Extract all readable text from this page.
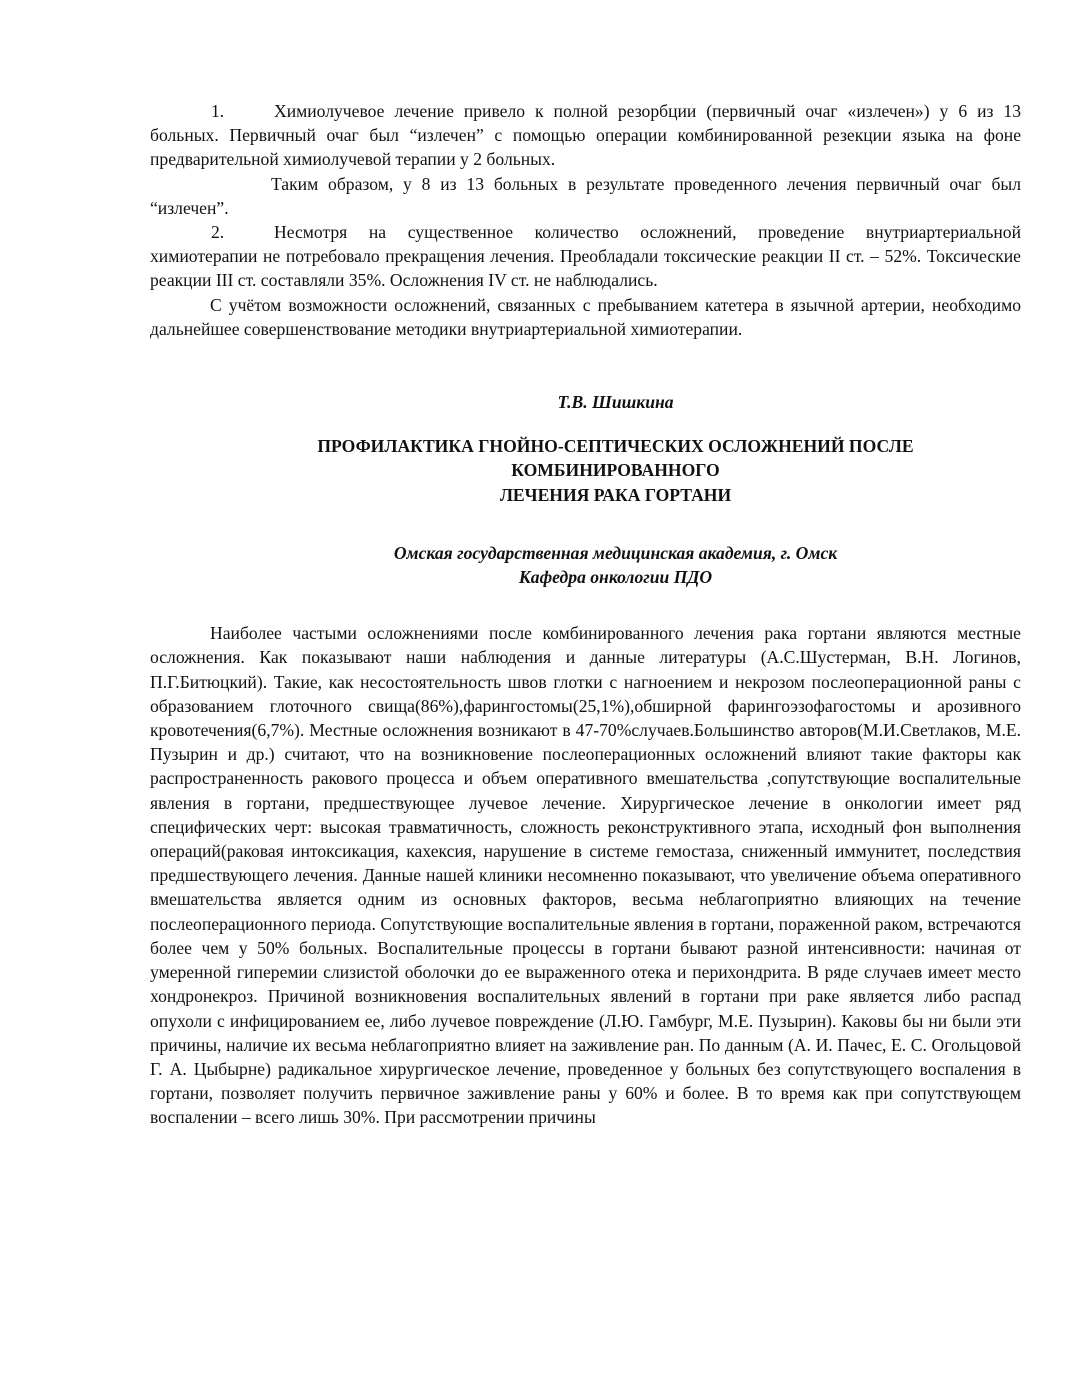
1.	Химиолучевое лечение привело к полной резорбции (первичный очаг «излечен») у 6 из 13 больных. Первичный очаг был “излечен” с помощью операции комбинированной резекции языка на фоне предварительной химиолучевой терапии у 2 больных.

Таким образом, у 8 из 13 больных в результате проведенного лечения первичный очаг был “излечен”.

2.	Несмотря на существенное количество осложнений, проведение внутриартериальной химиотерапии не потребовало прекращения лечения. Преобладали токсические реакции II ст. – 52%. Токсические реакции III ст. составляли 35%. Осложнения IV ст. не наблюдались.

С учётом возможности осложнений, связанных с пребыванием катетера в язычной артерии, необходимо дальнейшее совершенствование методики внутриартериальной химиотерапии.

Т.В. Шишкина

ПРОФИЛАКТИКА ГНОЙНО-СЕПТИЧЕСКИХ ОСЛОЖНЕНИЙ ПОСЛЕ

КОМБИНИРОВАННОГО

ЛЕЧЕНИЯ РАКА ГОРТАНИ

Омская государственная медицинская академия, г. Омск

Кафедра онкологии ПДО

Наиболее частыми осложнениями после комбинированного лечения рака гортани являются местные осложнения. Как показывают наши наблюдения и данные литературы (А.С.Шустерман, В.Н. Логинов, П.Г.Битюцкий). Такие, как несостоятельность швов глотки с нагноением и некрозом послеоперационной раны с образованием глоточного свища(86%),фарингостомы(25,1%),обширной фарингоэзофагостомы и арозивного кровотечения(6,7%). Местные осложнения возникают в 47-70%случаев.Большинство авторов(М.И.Светлаков, М.Е. Пузырин и др.) считают, что на возникновение послеоперационных осложнений влияют такие факторы как распространенность ракового процесса и объем оперативного вмешательства ,сопутствующие воспалительные явления в гортани, предшествующее лучевое лечение. Хирургическое лечение в онкологии имеет ряд специфических черт: высокая травматичность, сложность реконструктивного этапа, исходный фон выполнения операций(раковая интоксикация, кахексия, нарушение в системе гемостаза, сниженный иммунитет, последствия предшествующего лечения. Данные нашей клиники несомненно показывают, что увеличение объема оперативного вмешательства является одним из основных факторов, весьма неблагоприятно влияющих на течение послеоперационного периода. Сопутствующие воспалительные явления в гортани, пораженной раком, встречаются более чем у 50% больных. Воспалительные процессы в гортани бывают разной интенсивности: начиная от умеренной гиперемии слизистой оболочки до ее выраженного отека и перихондрита. В ряде случаев имеет место хондронекроз. Причиной возникновения воспалительных явлений в гортани при раке является либо распад опухоли с инфицированием ее, либо лучевое повреждение (Л.Ю. Гамбург, М.Е. Пузырин). Каковы бы ни были эти причины, наличие их весьма неблагоприятно влияет на заживление ран. По данным (А. И. Пачес, Е. С. Огольцовой Г. А. Цыбырне) радикальное хирургическое лечение, проведенное у больных без сопутствующего воспаления в гортани, позволяет получить первичное заживление раны у 60% и более. В то время как при сопутствующем воспалении – всего лишь 30%. При рассмотрении причины
